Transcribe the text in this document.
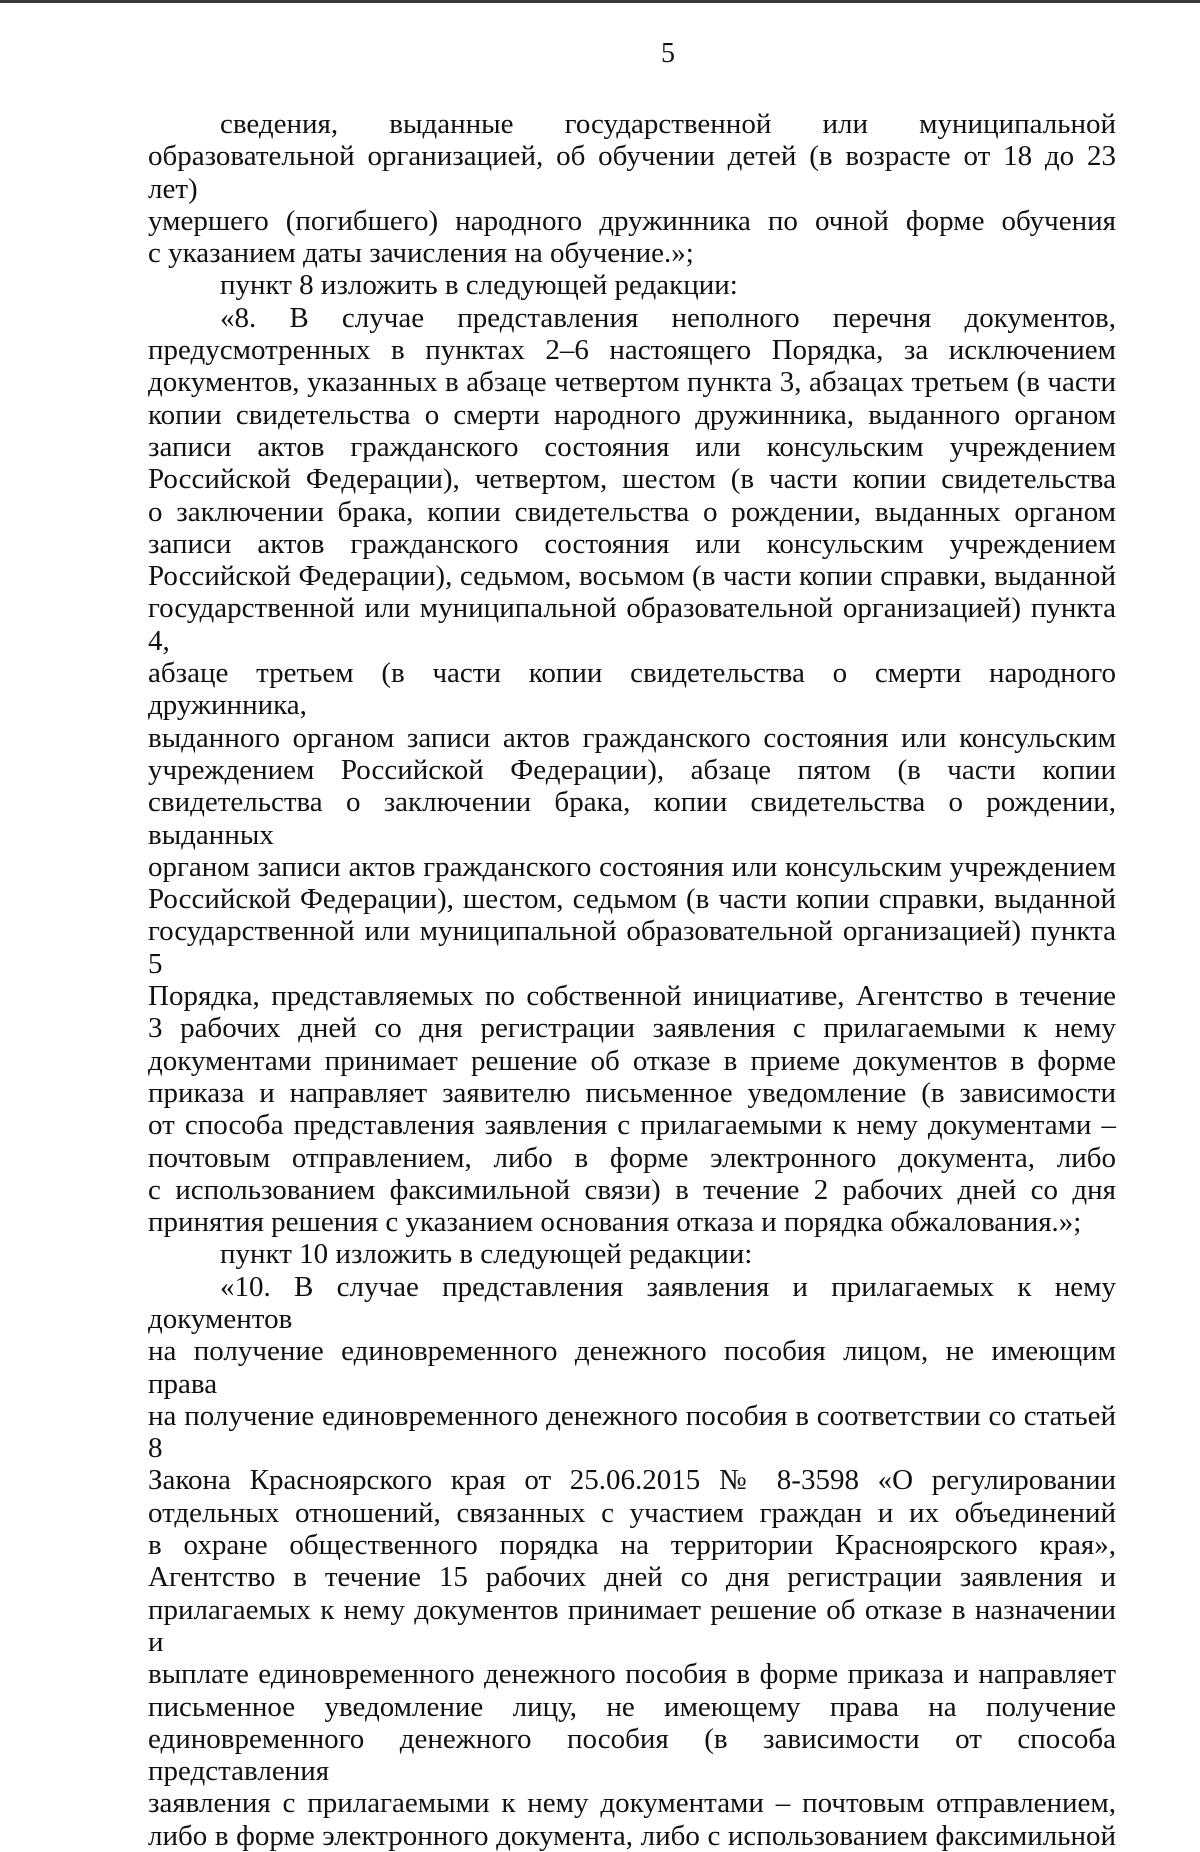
5

сведения, выданные государственной или муниципальной

образовательной организацией, об обучении детей (в возрасте от 18 до 23 лет)

умершего (погибшего) народного дружинника по очной форме обучения

с указанием даты зачисления на обучение.»;

пункт 8 изложить в следующей редакции:

«8. В случае представления неполного перечня документов,

предусмотренных в пунктах 2–6 настоящего Порядка, за исключением

документов, указанных в абзаце четвертом пункта 3, абзацах третьем (в части

копии свидетельства о смерти народного дружинника, выданного органом

записи актов гражданского состояния или консульским учреждением

Российской Федерации), четвертом, шестом (в части копии свидетельства

о заключении брака, копии свидетельства о рождении, выданных органом

записи актов гражданского состояния или консульским учреждением

Российской Федерации), седьмом, восьмом (в части копии справки, выданной

государственной или муниципальной образовательной организацией) пункта 4,

абзаце третьем (в части копии свидетельства о смерти народного дружинника,

выданного органом записи актов гражданского состояния или консульским

учреждением Российской Федерации), абзаце пятом (в части копии

свидетельства о заключении брака, копии свидетельства о рождении, выданных

органом записи актов гражданского состояния или консульским учреждением

Российской Федерации), шестом, седьмом (в части копии справки, выданной

государственной или муниципальной образовательной организацией) пункта 5

Порядка, представляемых по собственной инициативе, Агентство в течение

3 рабочих дней со дня регистрации заявления с прилагаемыми к нему

документами принимает решение об отказе в приеме документов в форме

приказа и направляет заявителю письменное уведомление (в зависимости

от способа представления заявления с прилагаемыми к нему документами –

почтовым отправлением, либо в форме электронного документа, либо

с использованием факсимильной связи) в течение 2 рабочих дней со дня

принятия решения с указанием основания отказа и порядка обжалования.»;

пункт 10 изложить в следующей редакции:

«10. В случае представления заявления и прилагаемых к нему документов

на получение единовременного денежного пособия лицом, не имеющим права

на получение единовременного денежного пособия в соответствии со статьей 8

Закона Красноярского края от 25.06.2015 № 8-3598 «О регулировании

отдельных отношений, связанных с участием граждан и их объединений

в охране общественного порядка на территории Красноярского края»,

Агентство в течение 15 рабочих дней со дня регистрации заявления и

прилагаемых к нему документов принимает решение об отказе в назначении и

выплате единовременного денежного пособия в форме приказа и направляет

письменное уведомление лицу, не имеющему права на получение

единовременного денежного пособия (в зависимости от способа представления

заявления с прилагаемыми к нему документами – почтовым отправлением,

либо в форме электронного документа, либо с использованием факсимильной
